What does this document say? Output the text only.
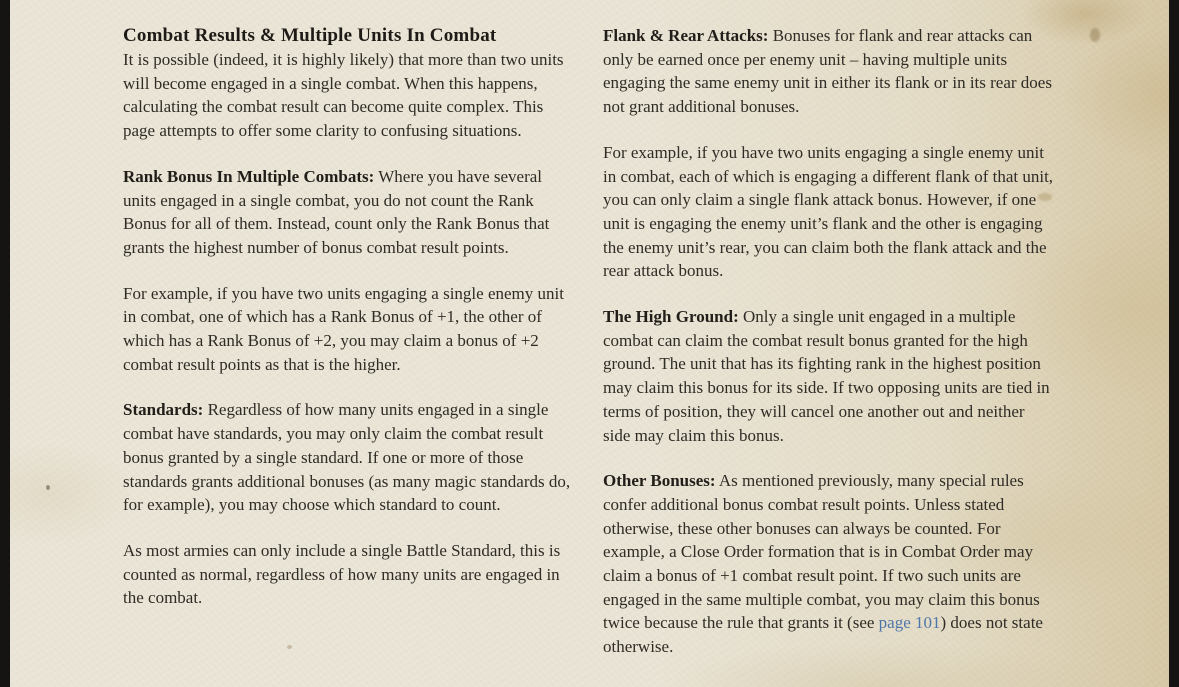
Combat Results & Multiple Units In Combat

It is possible (indeed, it is highly likely) that more than two units will become engaged in a single combat. When this happens, calculating the combat result can become quite complex. This page attempts to offer some clarity to confusing situations.

Rank Bonus In Multiple Combats: Where you have several units engaged in a single combat, you do not count the Rank Bonus for all of them. Instead, count only the Rank Bonus that grants the highest number of bonus combat result points.

For example, if you have two units engaging a single enemy unit in combat, one of which has a Rank Bonus of +1, the other of which has a Rank Bonus of +2, you may claim a bonus of +2 combat result points as that is the higher.

Standards: Regardless of how many units engaged in a single combat have standards, you may only claim the combat result bonus granted by a single standard. If one or more of those standards grants additional bonuses (as many magic standards do, for example), you may choose which standard to count.

As most armies can only include a single Battle Standard, this is counted as normal, regardless of how many units are engaged in the combat.

Flank & Rear Attacks: Bonuses for flank and rear attacks can only be earned once per enemy unit – having multiple units engaging the same enemy unit in either its flank or in its rear does not grant additional bonuses.

For example, if you have two units engaging a single enemy unit in combat, each of which is engaging a different flank of that unit, you can only claim a single flank attack bonus. However, if one unit is engaging the enemy unit’s flank and the other is engaging the enemy unit’s rear, you can claim both the flank attack and the rear attack bonus.

The High Ground: Only a single unit engaged in a multiple combat can claim the combat result bonus granted for the high ground. The unit that has its fighting rank in the highest position may claim this bonus for its side. If two opposing units are tied in terms of position, they will cancel one another out and neither side may claim this bonus.

Other Bonuses: As mentioned previously, many special rules confer additional bonus combat result points. Unless stated otherwise, these other bonuses can always be counted. For example, a Close Order formation that is in Combat Order may claim a bonus of +1 combat result point. If two such units are engaged in the same multiple combat, you may claim this bonus twice because the rule that grants it (see page 101) does not state otherwise.
